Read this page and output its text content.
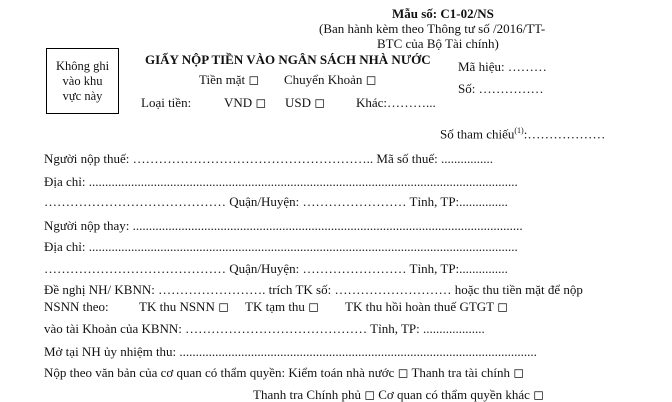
Mẫu số: C1-02/NS
(Ban hành kèm theo Thông tư số /2016/TT-
BTC của Bộ Tài chính)
Không ghi
vào khu
vực này
GIẤY NỘP TIỀN VÀO NGÂN SÁCH NHÀ NƯỚC
Tiền mặt ◻ Chuyển Khoản ◻
Loại tiền:	VND ◻ USD ◻ Khác:………...
Mã hiệu: ………
Số: ……………
Số tham chiếu$^{(1)}$:………………
Người nộp thuế: ……………………………………………….. Mã số thuế: ................
Địa chỉ: ....................................................................................................................................
…………………………………… Quận/Huyện: …………………… Tỉnh, TP:...............
Người nộp thay: ........................................................................................................................
Địa chỉ: ....................................................................................................................................
…………………………………… Quận/Huyện: …………………… Tỉnh, TP:...............
Đề nghị NH/ KBNN: ……………………. trích TK số: ……………………… hoặc thu tiền mặt để nộp
NSNN theo: TK thu NSNN ◻ TK tạm thu ◻ TK thu hồi hoàn thuế GTGT ◻
vào tài Khoản của KBNN: …………………………………… Tỉnh, TP: ...................
Mở tại NH ủy nhiệm thu: ..............................................................................................................
Nộp theo văn bản của cơ quan có thẩm quyền: Kiểm toán nhà nước ◻ Thanh tra tài chính ◻
Thanh tra Chính phủ ◻ Cơ quan có thẩm quyền khác ◻
